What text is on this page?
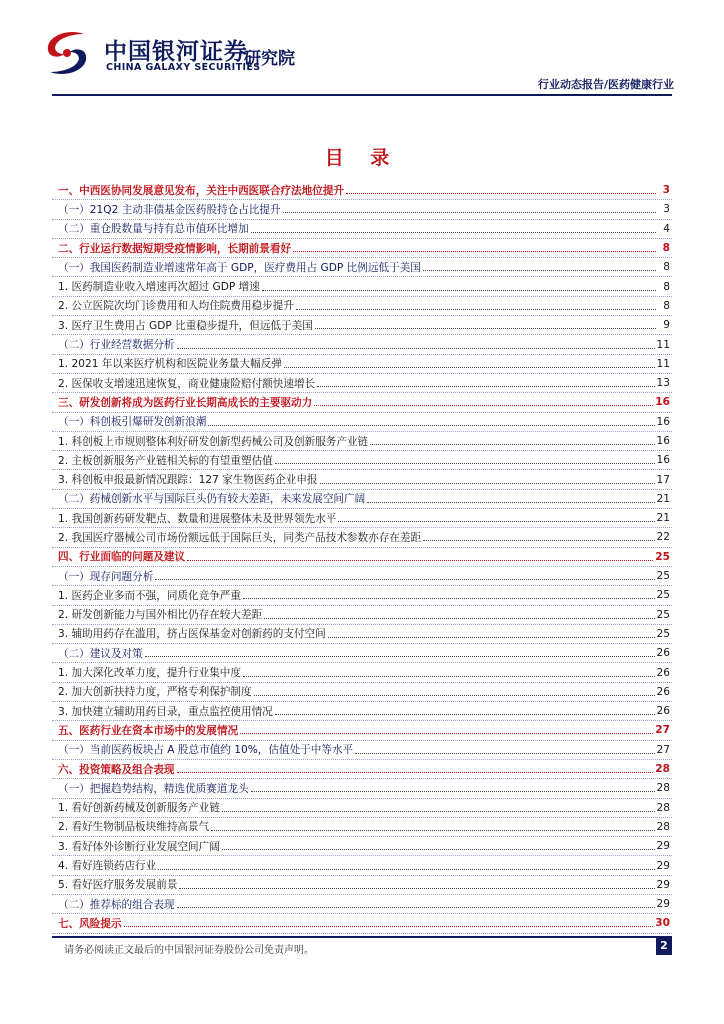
中国银河证券
CHINA GALAXY SECURITIES
研究院
行业动态报告/医药健康行业
目 录
一、中西医协同发展意见发布，关注中西医联合疗法地位提升	3
（一）21Q2 主动非债基金医药股持仓占比提升	3
（二）重仓股数量与持有总市值环比增加	4
二、行业运行数据短期受疫情影响，长期前景看好	8
（一）我国医药制造业增速常年高于 GDP，医疗费用占 GDP 比例远低于美国	8
1. 医药制造业收入增速再次超过 GDP 增速	8
2. 公立医院次均门诊费用和人均住院费用稳步提升	8
3. 医疗卫生费用占 GDP 比重稳步提升，但远低于美国	9
（二）行业经营数据分析	11
1. 2021 年以来医疗机构和医院业务量大幅反弹	11
2. 医保收支增速迅速恢复，商业健康险赔付额快速增长	13
三、研发创新将成为医药行业长期高成长的主要驱动力	16
（一）科创板引爆研发创新浪潮	16
1. 科创板上市规则整体利好研发创新型药械公司及创新服务产业链	16
2. 主板创新服务产业链相关标的有望重塑估值	16
3. 科创板申报最新情况跟踪：127 家生物医药企业申报	17
（二）药械创新水平与国际巨头仍有较大差距，未来发展空间广阔	21
1. 我国创新药研发靶点、数量和进展整体未及世界领先水平	21
2. 我国医疗器械公司市场份额远低于国际巨头，同类产品技术参数亦存在差距	22
四、行业面临的问题及建议	25
（一）现存问题分析	25
1. 医药企业多而不强，同质化竞争严重	25
2. 研发创新能力与国外相比仍存在较大差距	25
3. 辅助用药存在滥用，挤占医保基金对创新药的支付空间	25
（二）建议及对策	26
1. 加大深化改革力度，提升行业集中度	26
2. 加大创新扶持力度，严格专利保护制度	26
3. 加快建立辅助用药目录，重点监控使用情况	26
五、医药行业在资本市场中的发展情况	27
（一）当前医药板块占 A 股总市值约 10%，估值处于中等水平	27
六、投资策略及组合表现	28
（一）把握趋势结构，精选优质赛道龙头	28
1. 看好创新药械及创新服务产业链	28
2. 看好生物制品板块维持高景气	28
3. 看好体外诊断行业发展空间广阔	29
4. 看好连锁药店行业	29
5. 看好医疗服务发展前景	29
（二）推荐标的组合表现	29
七、风险提示	30
请务必阅读正文最后的中国银河证券股份公司免责声明。	2
